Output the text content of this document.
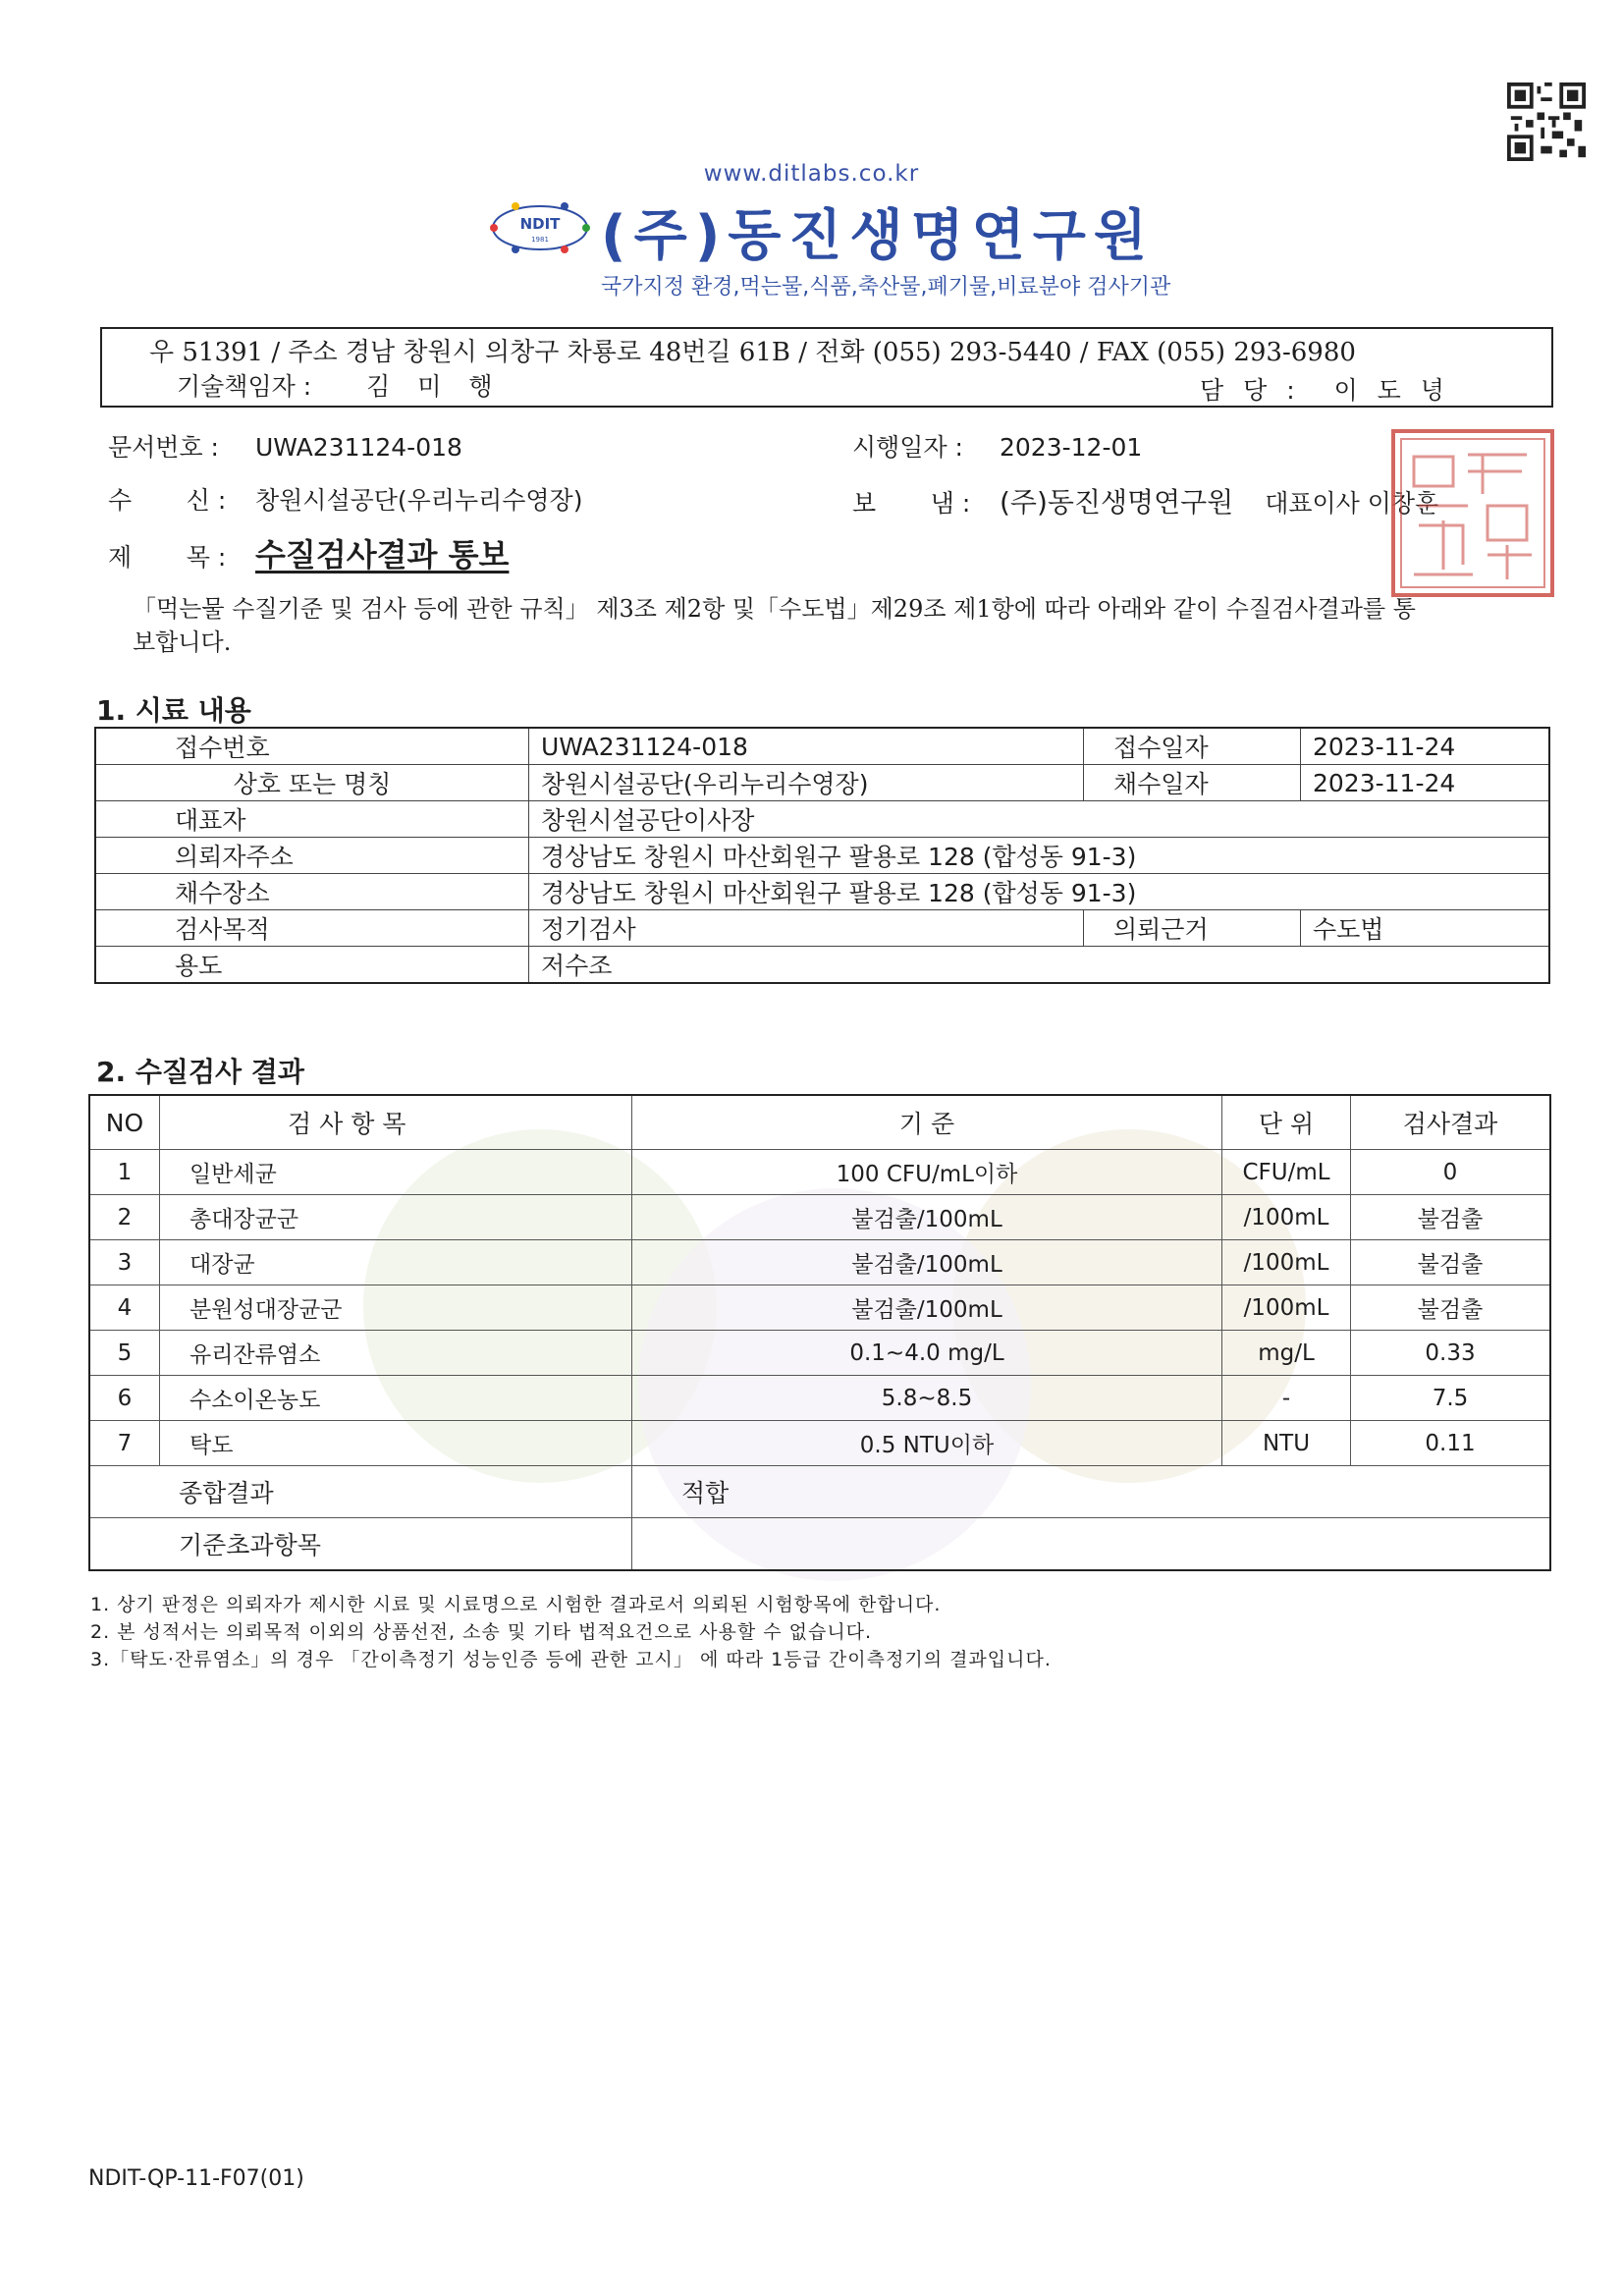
www.ditlabs.co.kr
NDIT
1981 (주)동진생명연구원
국가지정 환경,먹는물,식품,축산물,폐기물,비료분야 검사기관
우 51391 / 주소 경남 창원시 의창구 차룡로 48번길 61B / 전화 (055) 293-5440 / FAX (055) 293-6980
기술책임자 : 김 미 행	담 당 : 이 도 녕
문서번호 : UWA231124-018	시행일자 : 2023-12-01
수       신 : 창원시설공단(우리누리수영장)	보       냄 : (주)동진생명연구원 대표이사 이창훈
제       목 : 수질검사결과 통보
「먹는물 수질기준 및 검사 등에 관한 규칙」 제3조 제2항 및「수도법」제29조 제1항에 따라 아래와 같이 수질검사결과를 통보합니다.
1. 시료 내용
접수번호	UWA231124-018	접수일자	2023-11-24
상호 또는 명칭	창원시설공단(우리누리수영장)	채수일자	2023-11-24
대표자	창원시설공단이사장		
의뢰자주소	경상남도 창원시 마산회원구 팔용로 128 (합성동 91-3)		
채수장소	경상남도 창원시 마산회원구 팔용로 128 (합성동 91-3)		
검사목적	정기검사	의뢰근거	수도법
용도	저수조		
2. 수질검사 결과
NO	검 사 항 목	기 준	단 위	검사결과
1	일반세균	100 CFU/mL이하	CFU/mL	0
2	총대장균군	불검출/100mL	/100mL	불검출
3	대장균	불검출/100mL	/100mL	불검출
4	분원성대장균군	불검출/100mL	/100mL	불검출
5	유리잔류염소	0.1~4.0 mg/L	mg/L	0.33
6	수소이온농도	5.8~8.5	-	7.5
7	탁도	0.5 NTU이하	NTU	0.11
종합결과		적합		
기준초과항목				
1. 상기 판정은 의뢰자가 제시한 시료 및 시료명으로 시험한 결과로서 의뢰된 시험항목에 한합니다.
2. 본 성적서는 의뢰목적 이외의 상품선전, 소송 및 기타 법적요건으로 사용할 수 없습니다.
3.「탁도·잔류염소」의 경우 「간이측정기 성능인증 등에 관한 고시」 에 따라 1등급 간이측정기의 결과입니다.
NDIT-QP-11-F07(01)
